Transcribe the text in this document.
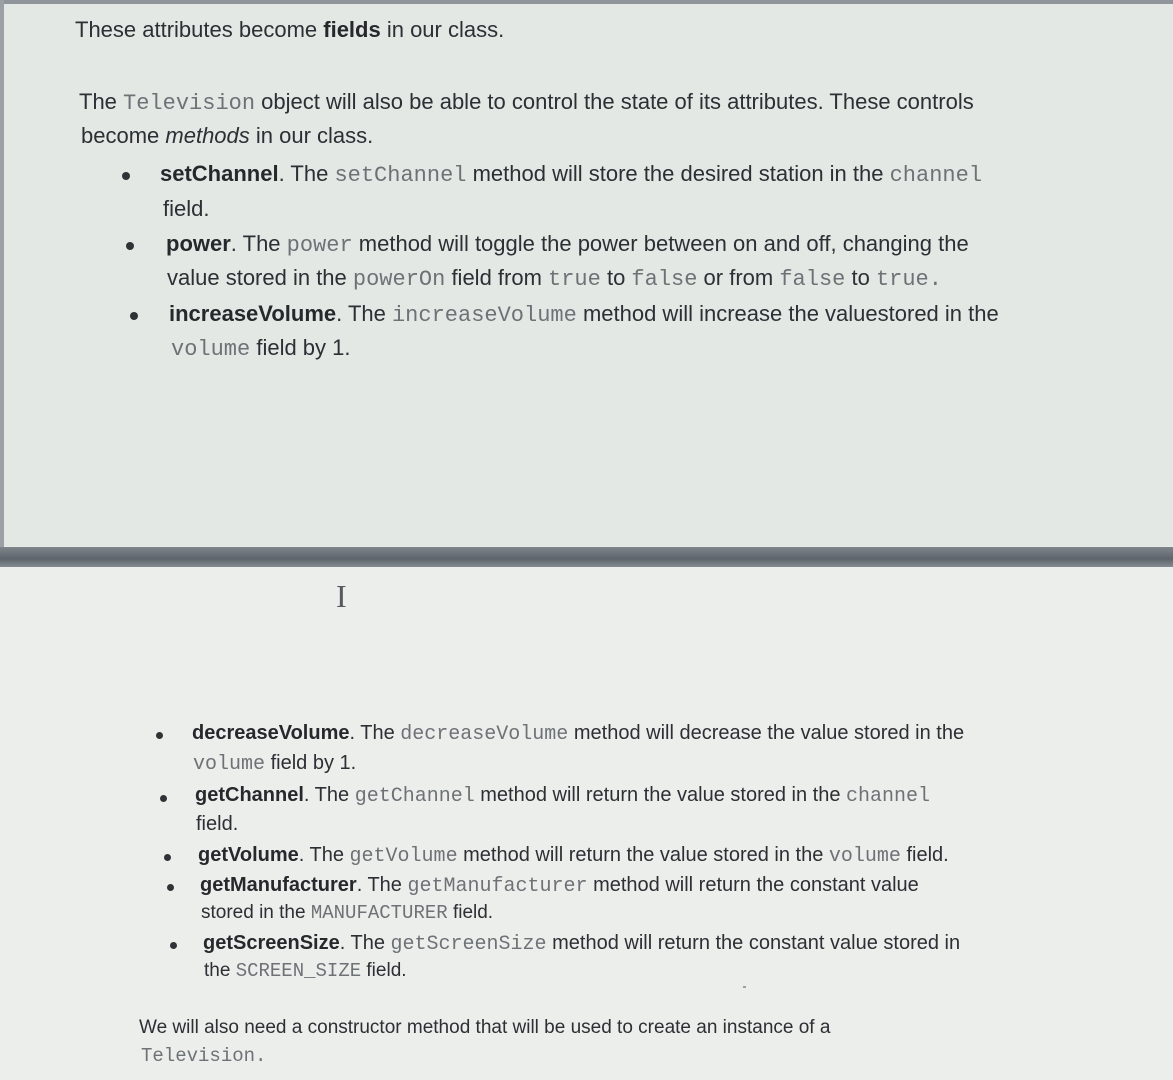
These attributes become fields in our class.
The Television object will also be able to control the state of its attributes. These controls
become methods in our class.
setChannel. The setChannel method will store the desired station in the channel
field.
power. The power method will toggle the power between on and off, changing the
value stored in the powerOn field from true to false or from false to true.
increaseVolume. The increaseVolume method will increase the valuestored in the
volume field by 1.
I
decreaseVolume. The decreaseVolume method will decrease the value stored in the
volume field by 1.
getChannel. The getChannel method will return the value stored in the channel
field.
getVolume. The getVolume method will return the value stored in the volume field.
getManufacturer. The getManufacturer method will return the constant value
stored in the MANUFACTURER field.
getScreenSize. The getScreenSize method will return the constant value stored in
the SCREEN_SIZE field.
We will also need a constructor method that will be used to create an instance of a
Television.
